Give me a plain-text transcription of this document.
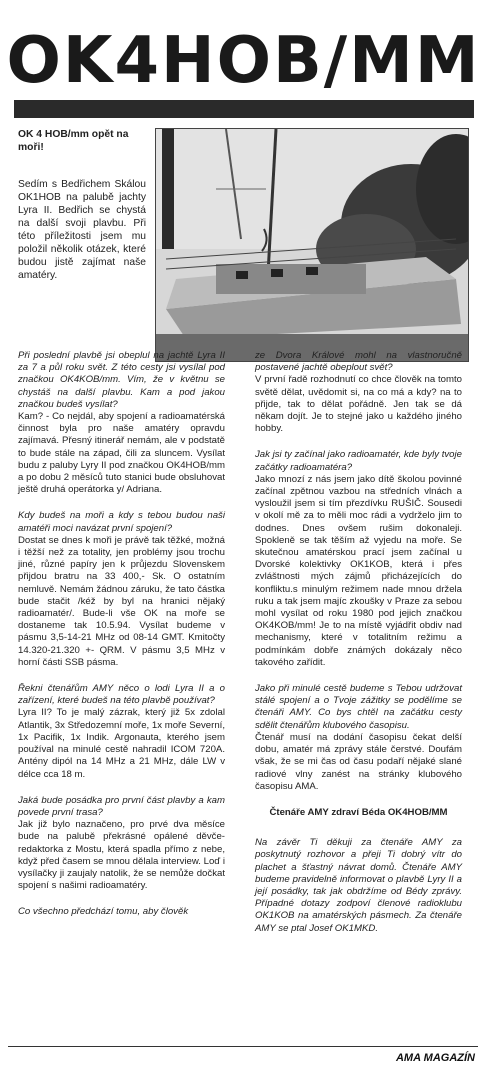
OK4HOB/MM
OK 4 HOB/mm opět na moři!

Sedím s Bedřichem Skálou OK1HOB na palubě jachty Lyra II. Bedřich se chystá na další svoji plavbu. Při této příležitosti jsem mu položil několik otázek, které budou jistě zajímat naše amatéry.

Při poslední plavbě jsi obeplul na jachtě Lyra II za 7 a půl roku svět. Z této cesty jsi vysílal pod značkou OK4KOB/mm. Vím, že v květnu se chystáš na další plavbu. Kam a pod jakou značkou budeš vysílat?

Kam? - Co nejdál, aby spojení a radioamatérská činnost byla pro naše amatéry opravdu zajímavá. Přesný itinerář nemám, ale v podstatě to bude stále na západ, čili za sluncem. Vysílat budu z paluby Lyry II pod značkou OK4HOB/mm a po dobu 2 měsíců tuto stanici bude obsluhovat ještě druhá operátorka y/ Adriana.

Kdy budeš na moři a kdy s tebou budou naši amatéři moci navázat první spojení?

Dostat se dnes k moři je právě tak těžké, možná i těžší než za totality, jen problémy jsou trochu jiné, různé papíry jen k průjezdu Slovenskem přijdou bratru na 33 400,- Sk. O ostatním nemluvě. Nemám žádnou záruku, že tato částka bude stačit /kéž by byl na hranici nějaký radioamatér/. Bude-li vše OK na moře se dostaneme tak 10.5.94. Vysílat budeme v pásmu 3,5-14-21 MHz od 08-14 GMT. Kmitočty 14.320-21.320 +- QRM. V pásmu 3,5 MHz v horní části SSB pásma.

Řekni čtenářům AMY něco o lodi Lyra II a o zařízení, které budeš na této plavbě používat?

Lyra II? To je malý zázrak, který již 5x zdolal Atlantik, 3x Středozemní moře, 1x moře Severní, 1x Pacifik, 1x Indik. Argonauta, kterého jsem používal na minulé cestě nahradil ICOM 720A. Antény dipól na 14 MHz a 21 MHz, dále LW v délce cca 18 m.

Jaká bude posádka pro první část plavby a kam povede první trasa?

Jak již bylo naznačeno, pro prvé dva měsíce bude na palubě překrásné opálené děvče-redaktorka z Mostu, která spadla přímo z nebe, když před časem se mnou dělala interview. Loď i vysílačky ji zaujaly natolik, že se nemůže dočkat spojení s našimi radioamatéry.

Co všechno předchází tomu, aby člověk

ze Dvora Králové mohl na vlastnoručně postavené jachtě obeplout svět?

V první řadě rozhodnutí co chce člověk na tomto světě dělat, uvědomit si, na co má a kdy? na to přijde, tak to dělat pořádně. Jen tak se dá někam dojít. Je to stejné jako u každého jiného hobby.

Jak jsi ty začínal jako radioamatér, kde byly tvoje začátky radioamatéra?

Jako mnozí z nás jsem jako dítě školou povinné začínal zpětnou vazbou na středních vlnách a vysloužil jsem si tím přezdívku RUŠIČ. Sousedi v okolí mě za to měli moc rádi a vydrželo jim to dodnes. Dnes ovšem rušim dokonaleji. Spokleně se tak těším až vyjedu na moře. Se skutečnou amatérskou prací jsem začínal u Dvorské kolektivky OK1KOB, která i přes zvláštnosti mých zájmů přicházejících do konfliktu.s minulým režimem nade mnou držela ruku a tak jsem majíc zkoušky v Praze za sebou mohl vysílat od roku 1980 pod jejich značkou OK4KOB/mm! Je to na místě vyjádřit obdiv nad mechanismy, které v totalitním režimu a podmínkám dobře známých dokázaly něco takového zařídit.

Jako při minulé cestě budeme s Tebou udržovat stálé spojení a o Tvoje zážitky se podělíme se čtenáři AMY. Co bys chtěl na začátku cesty sdělit čtenářům klubového časopisu.

Čtenář musí na dodání časopisu čekat delší dobu, amatér má zprávy stále čerstvé. Doufám však, že se mi čas od času podaří nějaké slané radiové vlny zanést na stránky klubového časopisu AMA.

Čtenáře AMY zdraví Béda OK4HOB/MM

Na závěr Ti děkuji za čtenáře AMY za poskytnutý rozhovor a přeji Ti dobrý vítr do plachet a šťastný návrat domů. Čtenáře AMY budeme pravidelně informovat o plavbě Lyry II a její posádky, tak jak obdržíme od Bédy zprávy. Případné dotazy zodpoví členové radioklubu OK1KOB na amatérských pásmech. Za čtenáře AMY se ptal Josef OK1MKD.

AMA MAGAZÍN
